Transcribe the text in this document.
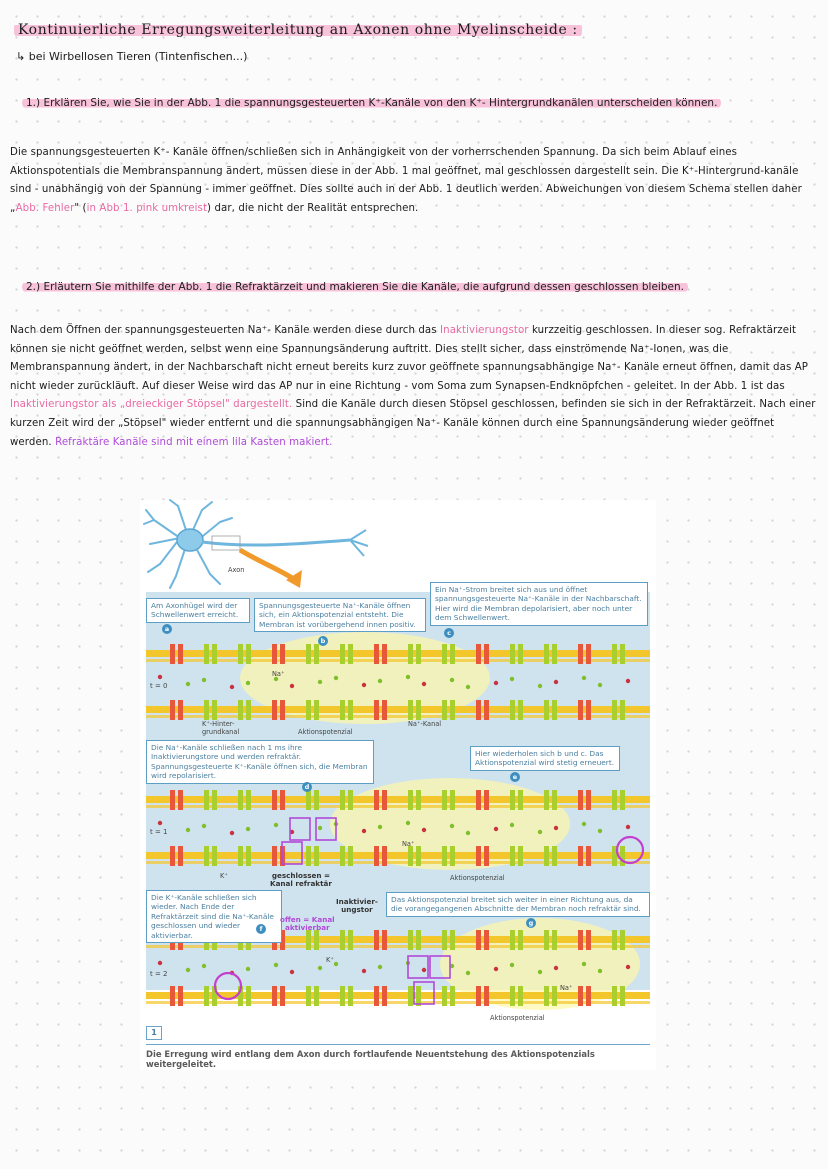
Kontinuierliche Erregungsweiterleitung an Axonen ohne Myelinscheide :
↳ bei Wirbellosen Tieren (Tintenfischen...)
1.) Erklären Sie, wie Sie in der Abb. 1 die spannungsgesteuerten K⁺-Kanäle von den K⁺- Hintergrundkanälen unterscheiden können.
Die spannungsgesteuerten K⁺- Kanäle öffnen/schließen sich in Anhängigkeit von der vorherrschenden Spannung. Da sich beim Ablauf eines Aktionspotentials die Membranspannung ändert, müssen diese in der Abb. 1 mal geöffnet, mal geschlossen dargestellt sein. Die K⁺-Hintergrund-kanäle sind - unabhängig von der Spannung - immer geöffnet. Dies sollte auch in der Abb. 1 deutlich werden. Abweichungen von diesem Schema stellen daher „Abb. Fehler" (in Abb 1. pink umkreist) dar, die nicht der Realität entsprechen.
2.) Erläutern Sie mithilfe der Abb. 1 die Refraktärzeit und makieren Sie die Kanäle, die aufgrund dessen geschlossen bleiben.
Nach dem Öffnen der spannungsgesteuerten Na⁺- Kanäle werden diese durch das Inaktivierungstor kurzzeitig geschlossen. In dieser sog. Refraktärzeit können sie nicht geöffnet werden, selbst wenn eine Spannungsänderung auftritt. Dies stellt sicher, dass einströmende Na⁺-Ionen, was die Membranspannung ändert, in der Nachbarschaft nicht erneut bereits kurz zuvor geöffnete spannungsabhängige Na⁺- Kanäle erneut öffnen, damit das AP nicht wieder zurückläuft. Auf dieser Weise wird das AP nur in eine Richtung - vom Soma zum Synapsen-Endknöpfchen - geleitet. In der Abb. 1 ist das Inaktivierungstor als „dreieckiger Stöpsel" dargestellt. Sind die Kanäle durch diesen Stöpsel geschlossen, befinden sie sich in der Refraktärzeit. Nach einer kurzen Zeit wird der „Stöpsel" wieder entfernt und die spannungsabhängigen Na⁺- Kanäle können durch eine Spannungsänderung wieder geöffnet werden. Refraktäre Kanäle sind mit einem lila Kasten makiert.
Axon
Am Axonhügel wird der Schwellenwert erreicht.
Spannungsgesteuerte Na⁺-Kanäle öffnen sich, ein Aktionspotenzial entsteht. Die Membran ist vorübergehend innen positiv.
Ein Na⁺-Strom breitet sich aus und öffnet spannungsgesteuerte Na⁺-Kanäle in der Nachbarschaft. Hier wird die Membran depolarisiert, aber noch unter dem Schwellenwert.
Die Na⁺-Kanäle schließen nach 1 ms ihre Inaktivierungstore und werden refraktär. Spannungsgesteuerte K⁺-Kanäle öffnen sich, die Membran wird repolarisiert.
Hier wiederholen sich b und c. Das Aktionspotenzial wird stetig erneuert.
Die K⁺-Kanäle schließen sich wieder. Nach Ende der Refraktärzeit sind die Na⁺-Kanäle geschlossen und wieder aktivierbar.
Das Aktionspotenzial breitet sich weiter in einer Richtung aus, da die vorangegangenen Abschnitte der Membran noch refraktär sind.
a
b
c
d
e
f
g
t = 0
t = 1
t = 2
K⁺-Hinter-
grundkanal	Aktionspotenzial
Na⁺-Kanal
Na⁺
Na⁺
K⁺	Aktionspotenzial
Na⁺
K⁺
Aktionspotenzial
geschlossen =
Kanal refraktär
offen = Kanal
aktivierbar
Inaktivier-
ungstor
1
Die Erregung wird entlang dem Axon durch fortlaufende Neuentstehung des Aktionspotenzials weitergeleitet.
